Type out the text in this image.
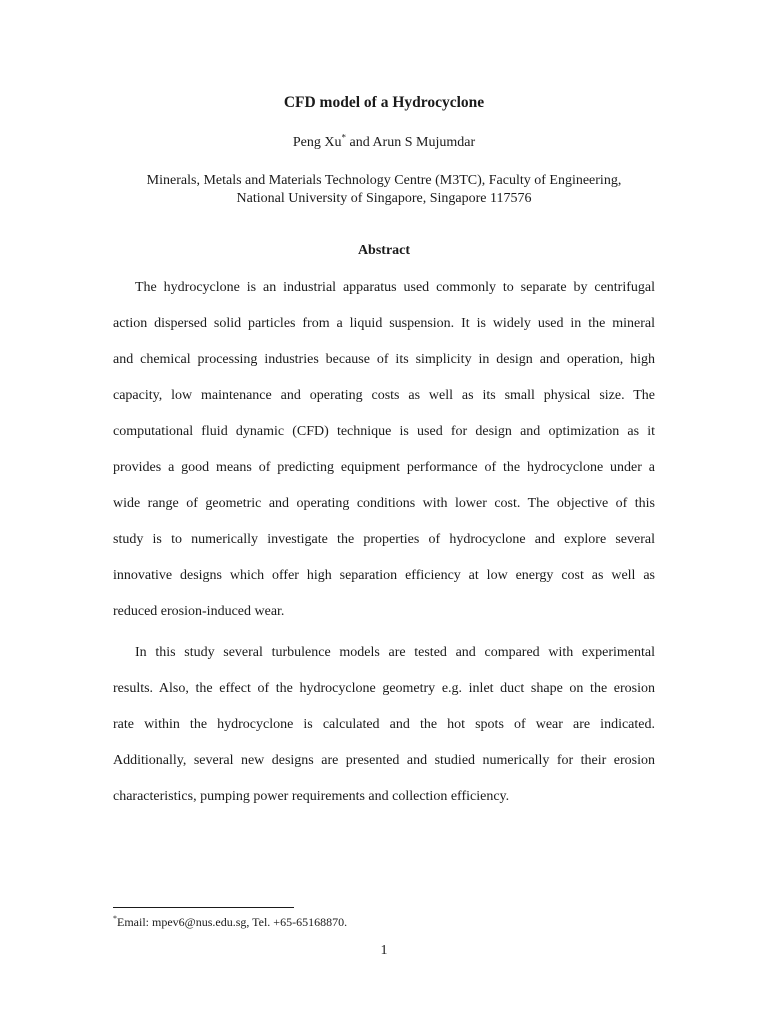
CFD model of a Hydrocyclone
Peng Xu* and Arun S Mujumdar
Minerals, Metals and Materials Technology Centre (M3TC), Faculty of Engineering,
National University of Singapore, Singapore 117576
Abstract

The hydrocyclone is an industrial apparatus used commonly to separate by centrifugal
action dispersed solid particles from a liquid suspension. It is widely used in the mineral
and chemical processing industries because of its simplicity in design and operation, high
capacity, low maintenance and operating costs as well as its small physical size. The
computational fluid dynamic (CFD) technique is used for design and optimization as it
provides a good means of predicting equipment performance of the hydrocyclone under a
wide range of geometric and operating conditions with lower cost. The objective of this
study is to numerically investigate the properties of hydrocyclone and explore several
innovative designs which offer high separation efficiency at low energy cost as well as
reduced erosion-induced wear.

In this study several turbulence models are tested and compared with experimental
results. Also, the effect of the hydrocyclone geometry e.g. inlet duct shape on the erosion
rate within the hydrocyclone is calculated and the hot spots of wear are indicated.
Additionally, several new designs are presented and studied numerically for their erosion
characteristics, pumping power requirements and collection efficiency.

*Email: mpev6@nus.edu.sg, Tel. +65-65168870.
1
